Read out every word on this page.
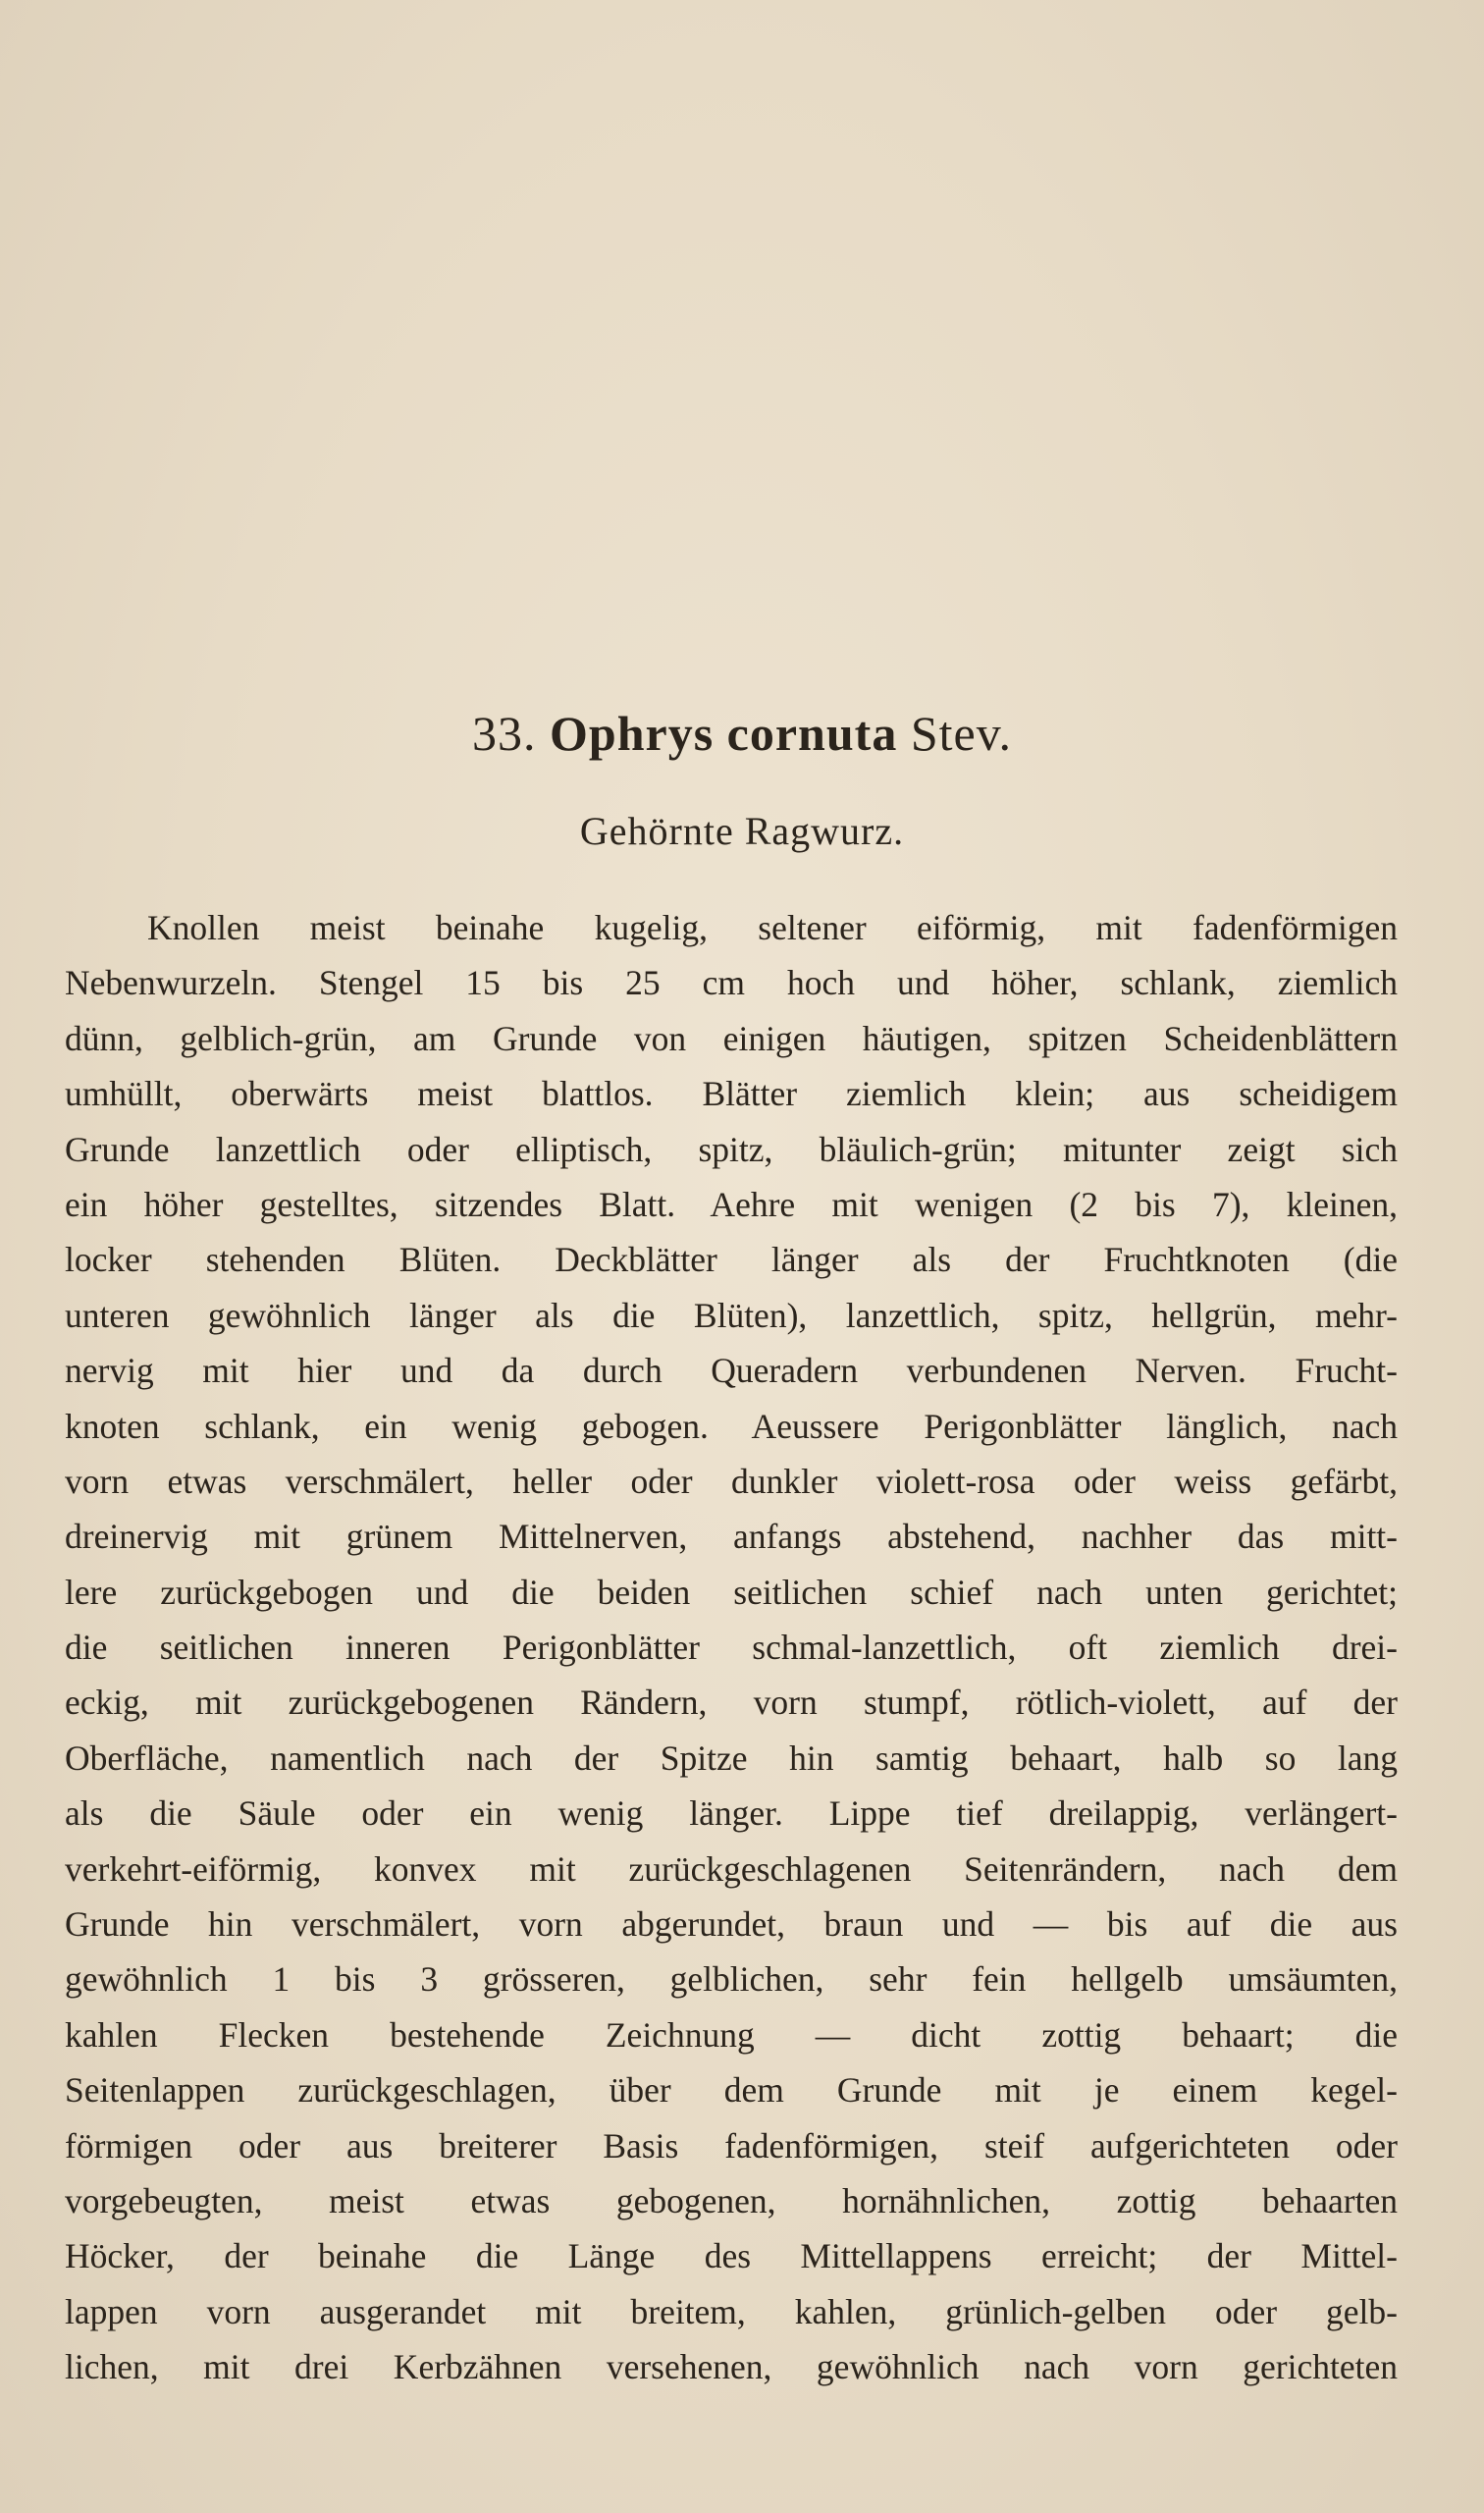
33. Ophrys cornuta Stev.
Gehörnte Ragwurz.
Knollen meist beinahe kugelig, seltener eiförmig, mit fadenförmigen
Nebenwurzeln. Stengel 15 bis 25 cm hoch und höher, schlank, ziemlich
dünn, gelblich-grün, am Grunde von einigen häutigen, spitzen Scheidenblättern
umhüllt, oberwärts meist blattlos. Blätter ziemlich klein; aus scheidigem
Grunde lanzettlich oder elliptisch, spitz, bläulich-grün; mitunter zeigt sich
ein höher gestelltes, sitzendes Blatt. Aehre mit wenigen (2 bis 7), kleinen,
locker stehenden Blüten. Deckblätter länger als der Fruchtknoten (die
unteren gewöhnlich länger als die Blüten), lanzettlich, spitz, hellgrün, mehr-
nervig mit hier und da durch Queradern verbundenen Nerven. Frucht-
knoten schlank, ein wenig gebogen. Aeussere Perigonblätter länglich, nach
vorn etwas verschmälert, heller oder dunkler violett-rosa oder weiss gefärbt,
dreinervig mit grünem Mittelnerven, anfangs abstehend, nachher das mitt-
lere zurückgebogen und die beiden seitlichen schief nach unten gerichtet;
die seitlichen inneren Perigonblätter schmal-lanzettlich, oft ziemlich drei-
eckig, mit zurückgebogenen Rändern, vorn stumpf, rötlich-violett, auf der
Oberfläche, namentlich nach der Spitze hin samtig behaart, halb so lang
als die Säule oder ein wenig länger. Lippe tief dreilappig, verlängert-
verkehrt-eiförmig, konvex mit zurückgeschlagenen Seitenrändern, nach dem
Grunde hin verschmälert, vorn abgerundet, braun und — bis auf die aus
gewöhnlich 1 bis 3 grösseren, gelblichen, sehr fein hellgelb umsäumten,
kahlen Flecken bestehende Zeichnung — dicht zottig behaart; die
Seitenlappen zurückgeschlagen, über dem Grunde mit je einem kegel-
förmigen oder aus breiterer Basis fadenförmigen, steif aufgerichteten oder
vorgebeugten, meist etwas gebogenen, hornähnlichen, zottig behaarten
Höcker, der beinahe die Länge des Mittellappens erreicht; der Mittel-
lappen vorn ausgerandet mit breitem, kahlen, grünlich-gelben oder gelb-
lichen, mit drei Kerbzähnen versehenen, gewöhnlich nach vorn gerichteten
